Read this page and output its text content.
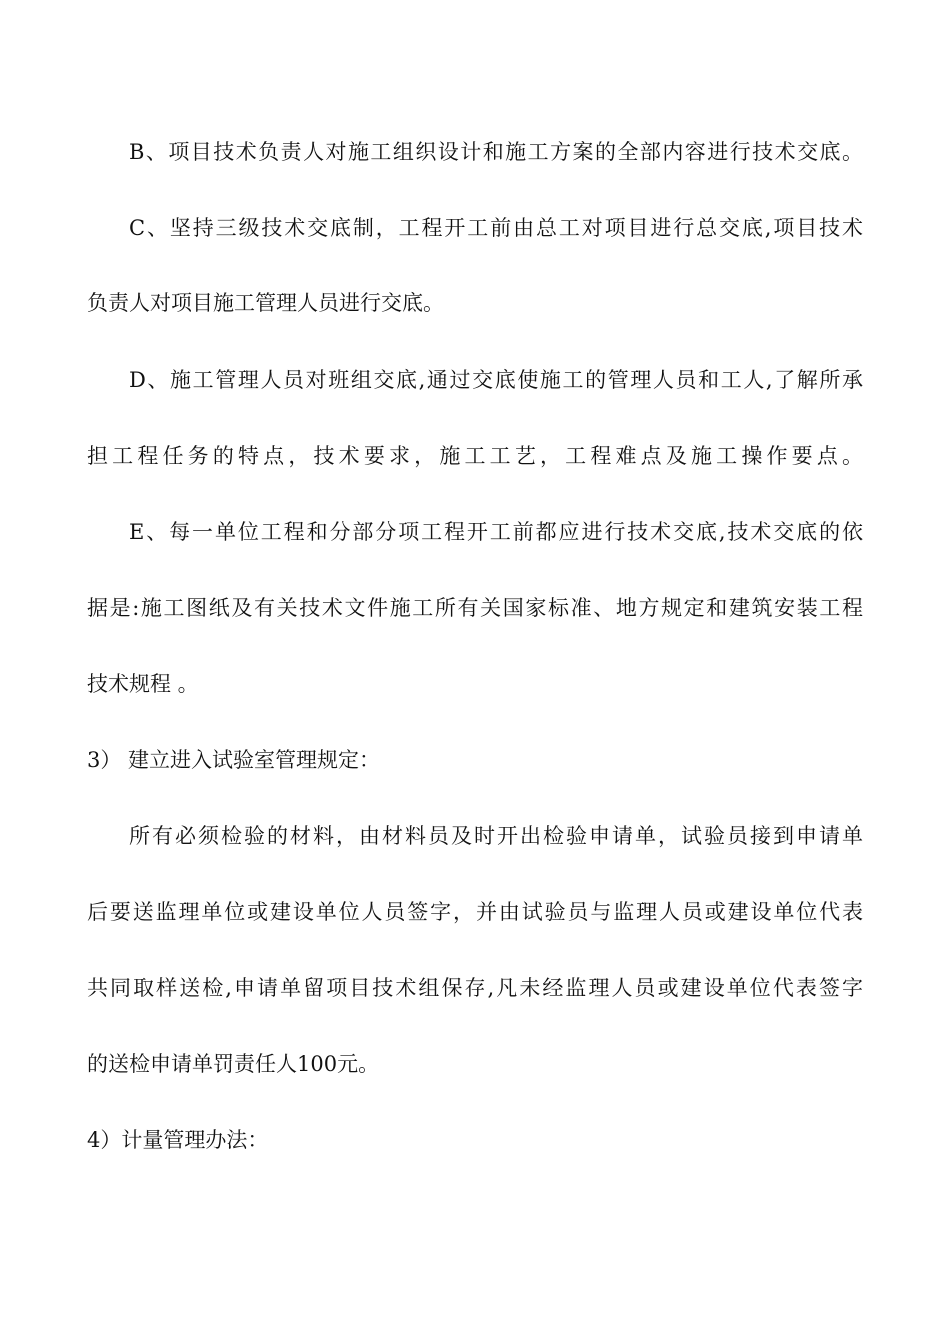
B、项目技术负责人对施工组织设计和施工方案的全部内容进行技术交底。
C、坚持三级技术交底制，工程开工前由总工对项目进行总交底,项目技术
负责人对项目施工管理人员进行交底。
D、施工管理人员对班组交底,通过交底使施工的管理人员和工人,了解所承
担工程任务的特点，技术要求，施工工艺，工程难点及施工操作要点。
E、每一单位工程和分部分项工程开工前都应进行技术交底,技术交底的依
据是:施工图纸及有关技术文件施工所有关国家标准、地方规定和建筑安装工程
技术规程 。
3） 建立进入试验室管理规定：
所有必须检验的材料，由材料员及时开出检验申请单，试验员接到申请单
后要送监理单位或建设单位人员签字，并由试验员与监理人员或建设单位代表
共同取样送检,申请单留项目技术组保存,凡未经监理人员或建设单位代表签字
的送检申请单罚责任人100元。
4）计量管理办法：
